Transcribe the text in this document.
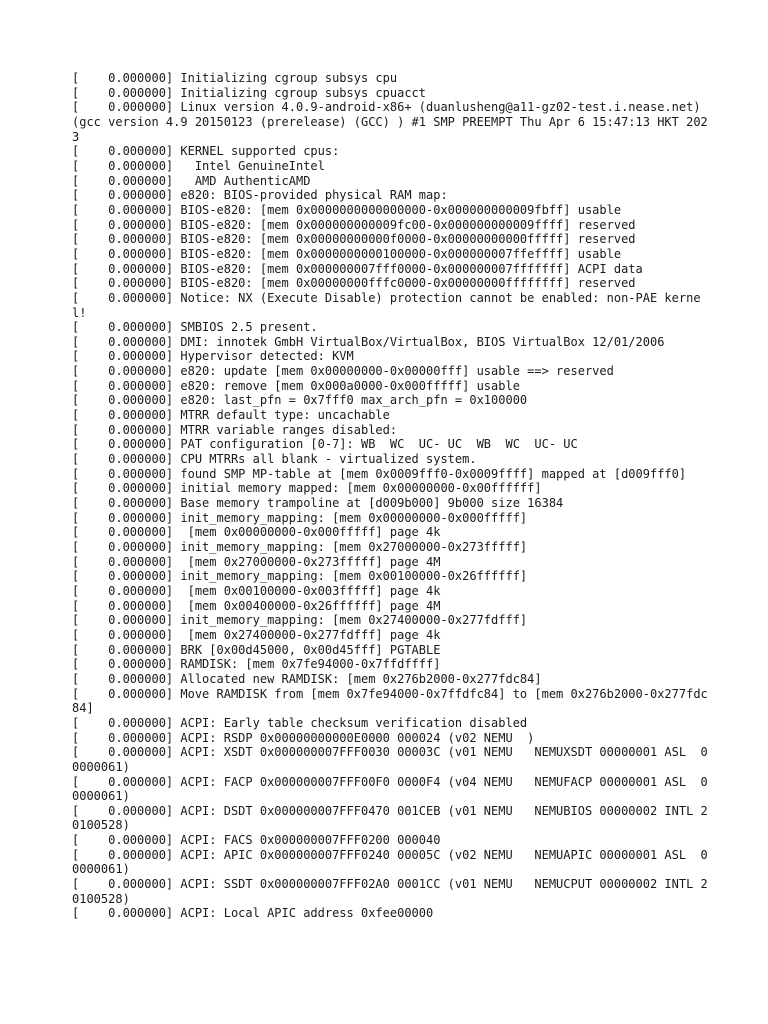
[    0.000000] Initializing cgroup subsys cpu
[    0.000000] Initializing cgroup subsys cpuacct
[    0.000000] Linux version 4.0.9-android-x86+ (duanlusheng@a11-gz02-test.i.nease.net) (gcc version 4.9 20150123 (prerelease) (GCC) ) #1 SMP PREEMPT Thu Apr 6 15:47:13 HKT 2023
[    0.000000] KERNEL supported cpus:
[    0.000000]   Intel GenuineIntel
[    0.000000]   AMD AuthenticAMD
[    0.000000] e820: BIOS-provided physical RAM map:
[    0.000000] BIOS-e820: [mem 0x0000000000000000-0x000000000009fbff] usable
[    0.000000] BIOS-e820: [mem 0x000000000009fc00-0x000000000009ffff] reserved
[    0.000000] BIOS-e820: [mem 0x00000000000f0000-0x00000000000fffff] reserved
[    0.000000] BIOS-e820: [mem 0x0000000000100000-0x000000007ffeffff] usable
[    0.000000] BIOS-e820: [mem 0x000000007fff0000-0x000000007fffffff] ACPI data
[    0.000000] BIOS-e820: [mem 0x00000000fffc0000-0x00000000ffffffff] reserved
[    0.000000] Notice: NX (Execute Disable) protection cannot be enabled: non-PAE kernel!
[    0.000000] SMBIOS 2.5 present.
[    0.000000] DMI: innotek GmbH VirtualBox/VirtualBox, BIOS VirtualBox 12/01/2006
[    0.000000] Hypervisor detected: KVM
[    0.000000] e820: update [mem 0x00000000-0x00000fff] usable ==> reserved
[    0.000000] e820: remove [mem 0x000a0000-0x000fffff] usable
[    0.000000] e820: last_pfn = 0x7fff0 max_arch_pfn = 0x100000
[    0.000000] MTRR default type: uncachable
[    0.000000] MTRR variable ranges disabled:
[    0.000000] PAT configuration [0-7]: WB  WC  UC- UC  WB  WC  UC- UC
[    0.000000] CPU MTRRs all blank - virtualized system.
[    0.000000] found SMP MP-table at [mem 0x0009fff0-0x0009ffff] mapped at [d009fff0]
[    0.000000] initial memory mapped: [mem 0x00000000-0x00ffffff]
[    0.000000] Base memory trampoline at [d009b000] 9b000 size 16384
[    0.000000] init_memory_mapping: [mem 0x00000000-0x000fffff]
[    0.000000]  [mem 0x00000000-0x000fffff] page 4k
[    0.000000] init_memory_mapping: [mem 0x27000000-0x273fffff]
[    0.000000]  [mem 0x27000000-0x273fffff] page 4M
[    0.000000] init_memory_mapping: [mem 0x00100000-0x26ffffff]
[    0.000000]  [mem 0x00100000-0x003fffff] page 4k
[    0.000000]  [mem 0x00400000-0x26ffffff] page 4M
[    0.000000] init_memory_mapping: [mem 0x27400000-0x277fdfff]
[    0.000000]  [mem 0x27400000-0x277fdfff] page 4k
[    0.000000] BRK [0x00d45000, 0x00d45fff] PGTABLE
[    0.000000] RAMDISK: [mem 0x7fe94000-0x7ffdffff]
[    0.000000] Allocated new RAMDISK: [mem 0x276b2000-0x277fdc84]
[    0.000000] Move RAMDISK from [mem 0x7fe94000-0x7ffdfc84] to [mem 0x276b2000-0x277fdc84]
[    0.000000] ACPI: Early table checksum verification disabled
[    0.000000] ACPI: RSDP 0x00000000000E0000 000024 (v02 NEMU  )
[    0.000000] ACPI: XSDT 0x000000007FFF0030 00003C (v01 NEMU   NEMUXSDT 00000001 ASL  00000061)
[    0.000000] ACPI: FACP 0x000000007FFF00F0 0000F4 (v04 NEMU   NEMUFACP 00000001 ASL  00000061)
[    0.000000] ACPI: DSDT 0x000000007FFF0470 001CEB (v01 NEMU   NEMUBIOS 00000002 INTL 20100528)
[    0.000000] ACPI: FACS 0x000000007FFF0200 000040
[    0.000000] ACPI: APIC 0x000000007FFF0240 00005C (v02 NEMU   NEMUAPIC 00000001 ASL  00000061)
[    0.000000] ACPI: SSDT 0x000000007FFF02A0 0001CC (v01 NEMU   NEMUCPUT 00000002 INTL 20100528)
[    0.000000] ACPI: Local APIC address 0xfee00000
